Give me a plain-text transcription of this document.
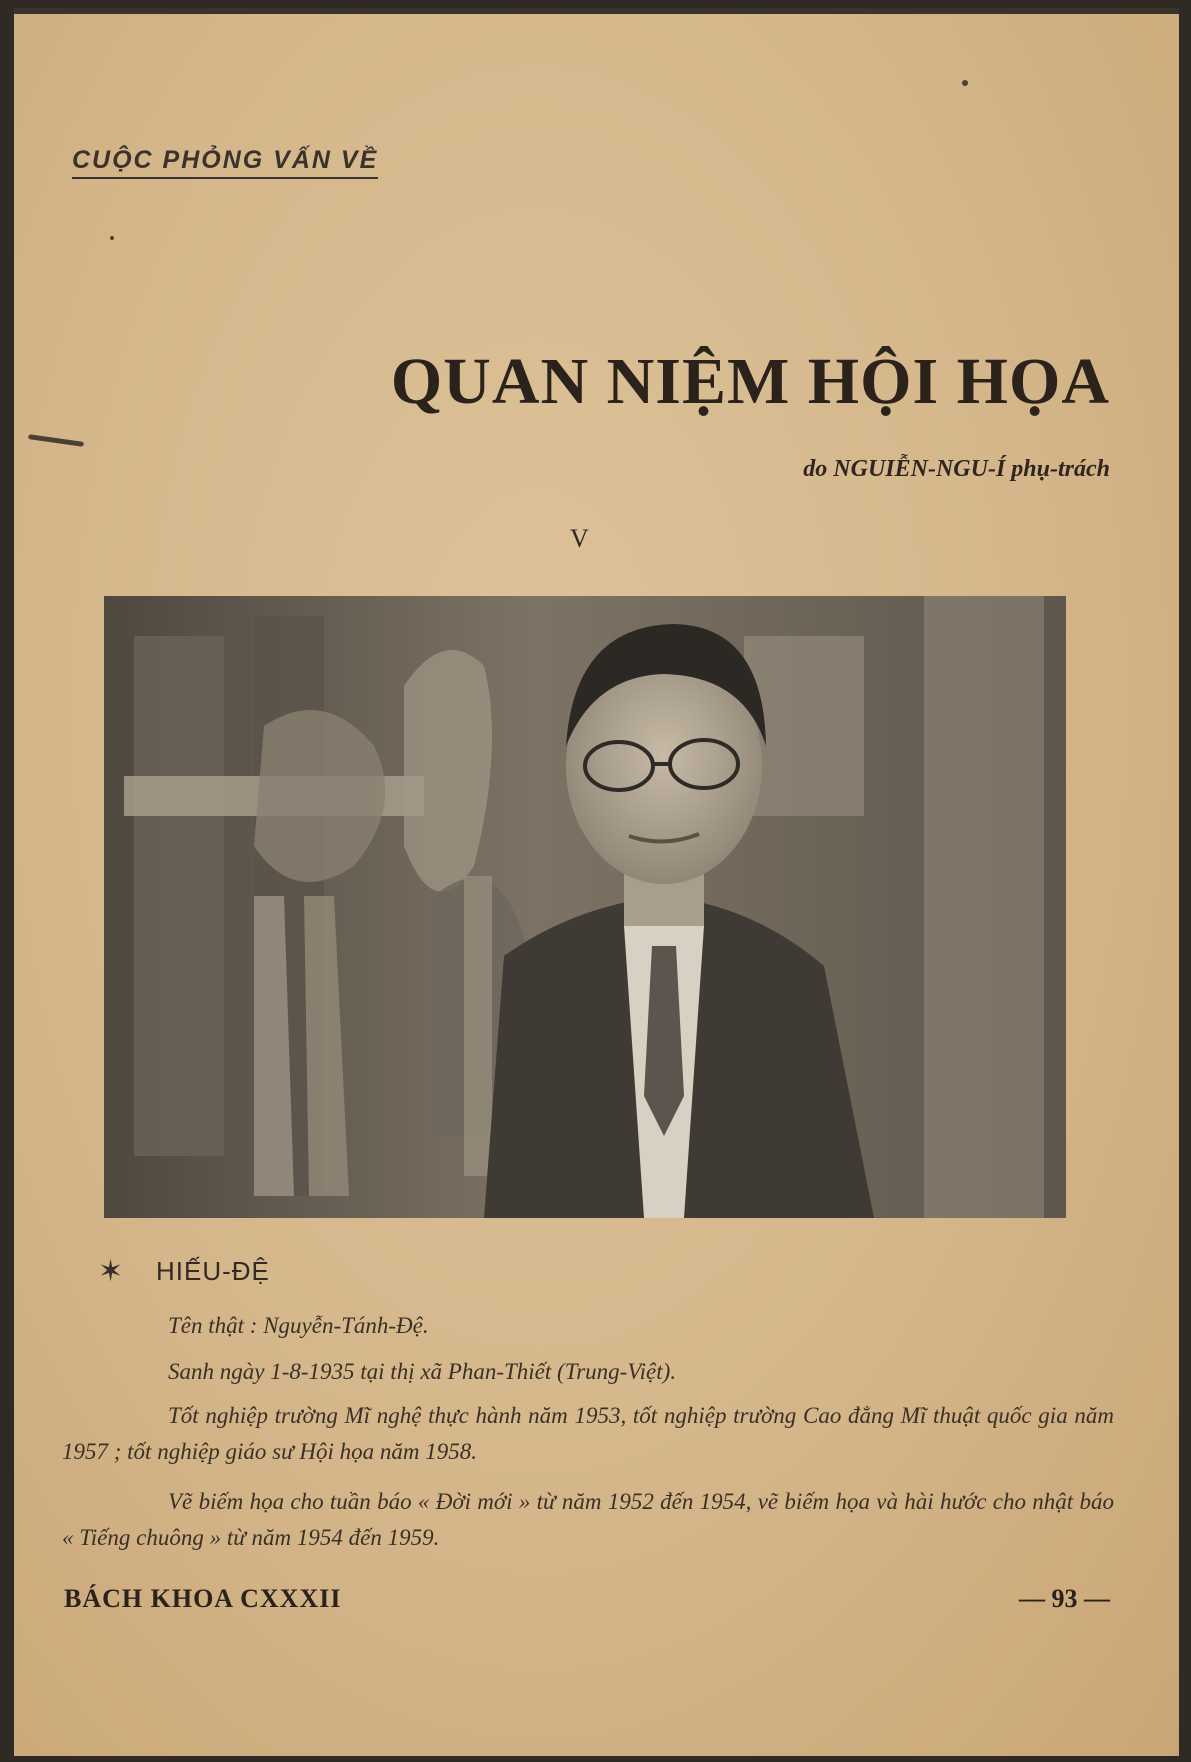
CUỘC PHỎNG VẤN VỀ
QUAN NIỆM HỘI HỌA
do NGUIỄN-NGU-Í phụ-trách
V
✶ HIẾU-ĐỆ

Tên thật : Nguyễn-Tánh-Đệ.

Sanh ngày 1-8-1935 tại thị xã Phan-Thiết (Trung-Việt).

Tốt nghiệp trường Mĩ nghệ thực hành năm 1953, tốt nghiệp trường Cao đẳng Mĩ thuật quốc gia năm 1957 ; tốt nghiệp giáo sư Hội họa năm 1958.

Vẽ biếm họa cho tuần báo « Đời mới » từ năm 1952 đến 1954, vẽ biếm họa và hài hước cho nhật báo « Tiếng chuông » từ năm 1954 đến 1959.

BÁCH KHOA CXXXII	— 93 —
